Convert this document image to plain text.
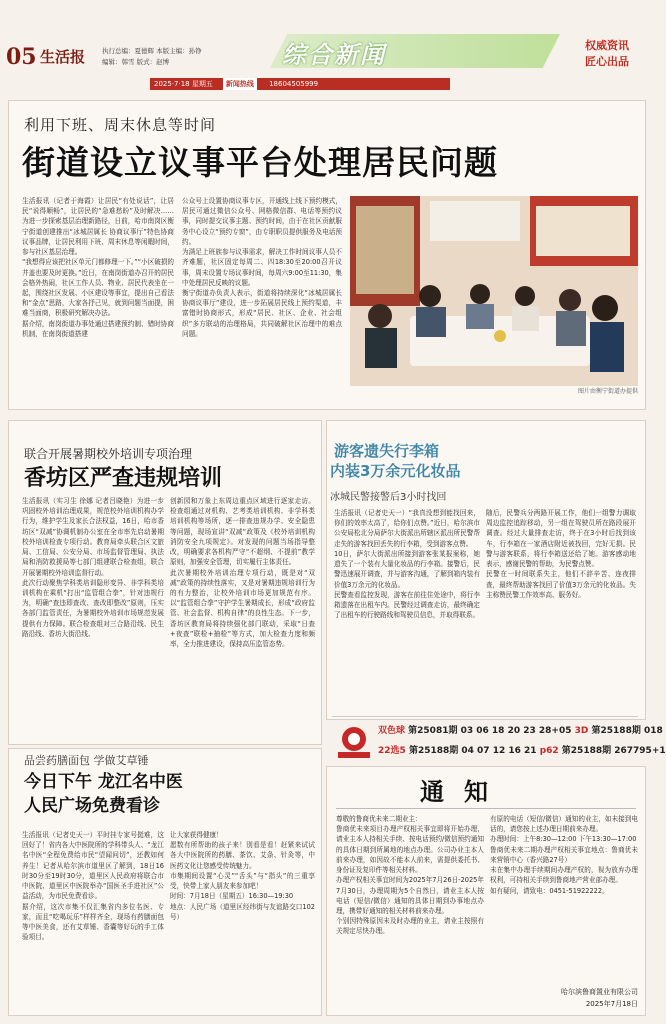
05 生活报	执行总编：夏德辉 本版主编：孙铮
编辑：韩雪 版式：赵博	综合新闻	权威资讯
匠心出品
2025·7·18 星期五 新闻热线 18604505999
利用下班、周末休息等时间
街道设立议事平台处理居民问题
生活报讯（记者于海霞）让居民“有处说话”，让居民“说得顺畅”，让居民的“急难愁盼”及时解决……为进一步探索基层治理新路径，日前，哈市南岗区衡宁街道创建推出“冰城居属长 协商议事厅”特色协商议事品牌，让居民利用下班、周末休息等闲暇时间，参与社区基层治理。
“我想得应该把社区单元门都修理一下。”“小区破损的井盖也要及时更换。”近日，在南岗街道办召开的居民会格外热闹，社区工作人员、物业、居民代表坐在一起，围绕社区发展、小区建设等事宜，提出自己看法和“金点”思路，大家各抒己见，就到问题当面提，困难当面商，积极研究解决办法。
据介绍，南岗街道办事处通过搭建预约制、错时协商机制，在南岗街道搭建
公众号上设置协商议事专区，开通线上线下预约模式，居民可通过微信公众号、网格微信群、电话等预约议事，同时提交议事主题、预约时间，由于在社区贡献服务中心设立“预约专窗”，由专职职员提供服务及电话预约。
为满足上班族参与议事需求，解决工作时间议事人员不齐难题，社区固定每周二、四18:30至20:00召开议事，周末设置专场议事时间，每周六9:00至11:30，集中处理居民反映的议题。
衡宁街道办负责人表示，街道将持续深化“冰城居属长协商议事厅”建设，进一步拓展居民线上预约渠道，丰富错时协商形式，形成“居民、社区、企业、社会组织”多方联动的治理格局，共同破解社区治理中的难点问题。
图片由衡宁街道办提供
联合开展暑期校外培训专项治理
香坊区严查违规培训
生活报讯（实习生 徐娜 记者吕晓艳）为进一步巩固校外培训治理成果，规范校外培训机构办学行为，维护学生及家长合法权益，16日，哈市香坊区“双减”协调机制办公室在全市率先启动暑期校外培训检查专项行动。教育局牵头联合区文旅局、工信局、公安分局、市场监督管理局、执法局和消防救援局等七部门组建联合检查组，联合开展暑期校外培训监督行动。
此次行动聚焦学科类培训隐形变异、非学科类培训机构在乘机“打出“监管组合拳”，针对违规行为，明确“查违即查改、查改即整改”原则，压实各部门监管责任，为暑期校外培训市场规范发展提供有力保障。联合检查组对三合路沿线、民生路沿线、香坊大街沿线、
创新园和万象上东周边重点区域进行逐家走访。检查组通过对机构、艺考类培训机构、非学科类培训机构等场所，逐一排查违规办学、安全隐患等问题，现场宣讲“双减”政策及《校外培训机构消防安全九项规定》。对发现的问题当场指导整改，明确要求各机构严守“不超纲、不提前”教学原则，加强安全管理，切实履行主体责任。
此次暑期校外培训治理专项行动，既是对“双减”政策的持续性落实，又是对暑期违规培训行为的有力整治，让校外培训市场更加规范有序。以“监管组合拳”守护学生暑期成长，形成“政府监管、社会监督、机构自律”的良性生态。下一步，香坊区教育局将持续强化部门联动，采取“日查+夜查”联检+抽检”等方式，加大检查力度和频率，全力推进建设，保持高压监管态势。
游客遗失行李箱
内装3万余元化妆品
冰城民警接警后3小时找回
生活报讯（记者史天一）“我真没想到能找回来，你们的效率太高了，给你们点赞。”近日，哈尔滨市公安局松北分局萨尔大街派出所辖区派出所民警帮走失的游客找回丢失的行李箱，受到游客点赞。
10日，萨尔大街派出所接到游客张某报案称，她遗失了一个装有大量化妆品的行李箱。接警后，民警迅速展开调查，并与游客沟通，了解到箱内装有价值3万余元的化妆品。
民警查看监控发现，游客在前往住处途中，将行李箱遗落在出租车内。民警经过调查走访，最终确定了出租车的行驶路线和驾驶员信息，并取得联系。
随后，民警兵分两路开展工作，他们一组警力调取周边监控追踪移动，另一组在驾驶员所在路段展开调查。经过大量排查走访，终于在3小时后找到该车，行李箱在一家酒店附近被找回，完好无损。民警与游客联系，将行李箱送还给了她。游客感动地表示，感谢民警的帮助，为民警点赞。
民警在一时间联系失主，他们不辞辛苦、连夜排查，最终帮助游客找回了价值3万余元的化妆品。失主称赞民警工作效率高、服务好。
双色球 第25081期 03 06 18 20 23 28+05 3D 第25188期 018
22选5 第25188期 04 07 12 16 21 p62 第25188期 267795+1
品尝药膳面包 学做艾草锤
今日下午 龙江名中医
人民广场免费看诊
生活报讯（记者史天一）平时挂专家号挺难，这回好了！省内各大中医院所的学科带头人、“龙江名中医“全程免费给市民“望闻问切”，还教如何养生！记者从哈尔滨市道里区了解到，18日16时30分至19时30分，道里区人民政府将联合市中医院、道里区中医院举办“国医圣手进社区”公益活动，为市民免费看诊。
据介绍，这次市集不仅汇集省内多位名医、专家，而且“吃喝玩乐”样样齐全，现场有药膳面包等中医美食，还有艾草锤、香囊等好玩的手工体验项目。
让大家获得健康！
愿数有所帮助的孩子来！别看是看！赶紧来试试各大中医院所的药膳、茶饮、艾条、针灸等，中医药文化让您感受传统魅力。
市集期间设置“心灵”“舌头”与“指头”的三重享受，快带上家人朋友来参加吧！
时间：7月18日（星期五）16:30—19:30
地点：人民广场（道里区经纬街与友谊路交口102号）
通知
尊敬的鲁商优未来二期业主：
鲁商优未来项目办理产权相关事宜即将开始办理，请业主本人持相关手续、按电话预约/微信预约通知的具体日期到所属地的地点办理。公司办业主本人前来办理，如因故不能本人前来，需提供委托书、身份证及复印件等相关材料。
办理产权相关事宜时间为2025年7月26日-2025年7月30日，办理周期为5个自然日，请业主本人按电话（短信/微信）通知的具体日期到办事地点办理，携带好通知的相关材料前来办理。
个别因特殊原因未及时办理的业主，请业主按照有关规定尽快办理。
有原的电话（短信/微信）通知的业主，如未接到电话的，请您按上述办理日期前来办理。
办理时间：上午8:30—12:00 下午13:30—17:00
鲁商优未来二期办理产权相关事宜地点：鲁商优未来营销中心（香兴路27号）
未在集中办理手续期间办理产权的，视为放弃办理权利，可持相关手续到鲁商地产营业部办理。
如有疑问，请致电：0451-51922222。
哈尔滨鲁商置业有限公司
2025年7月18日
